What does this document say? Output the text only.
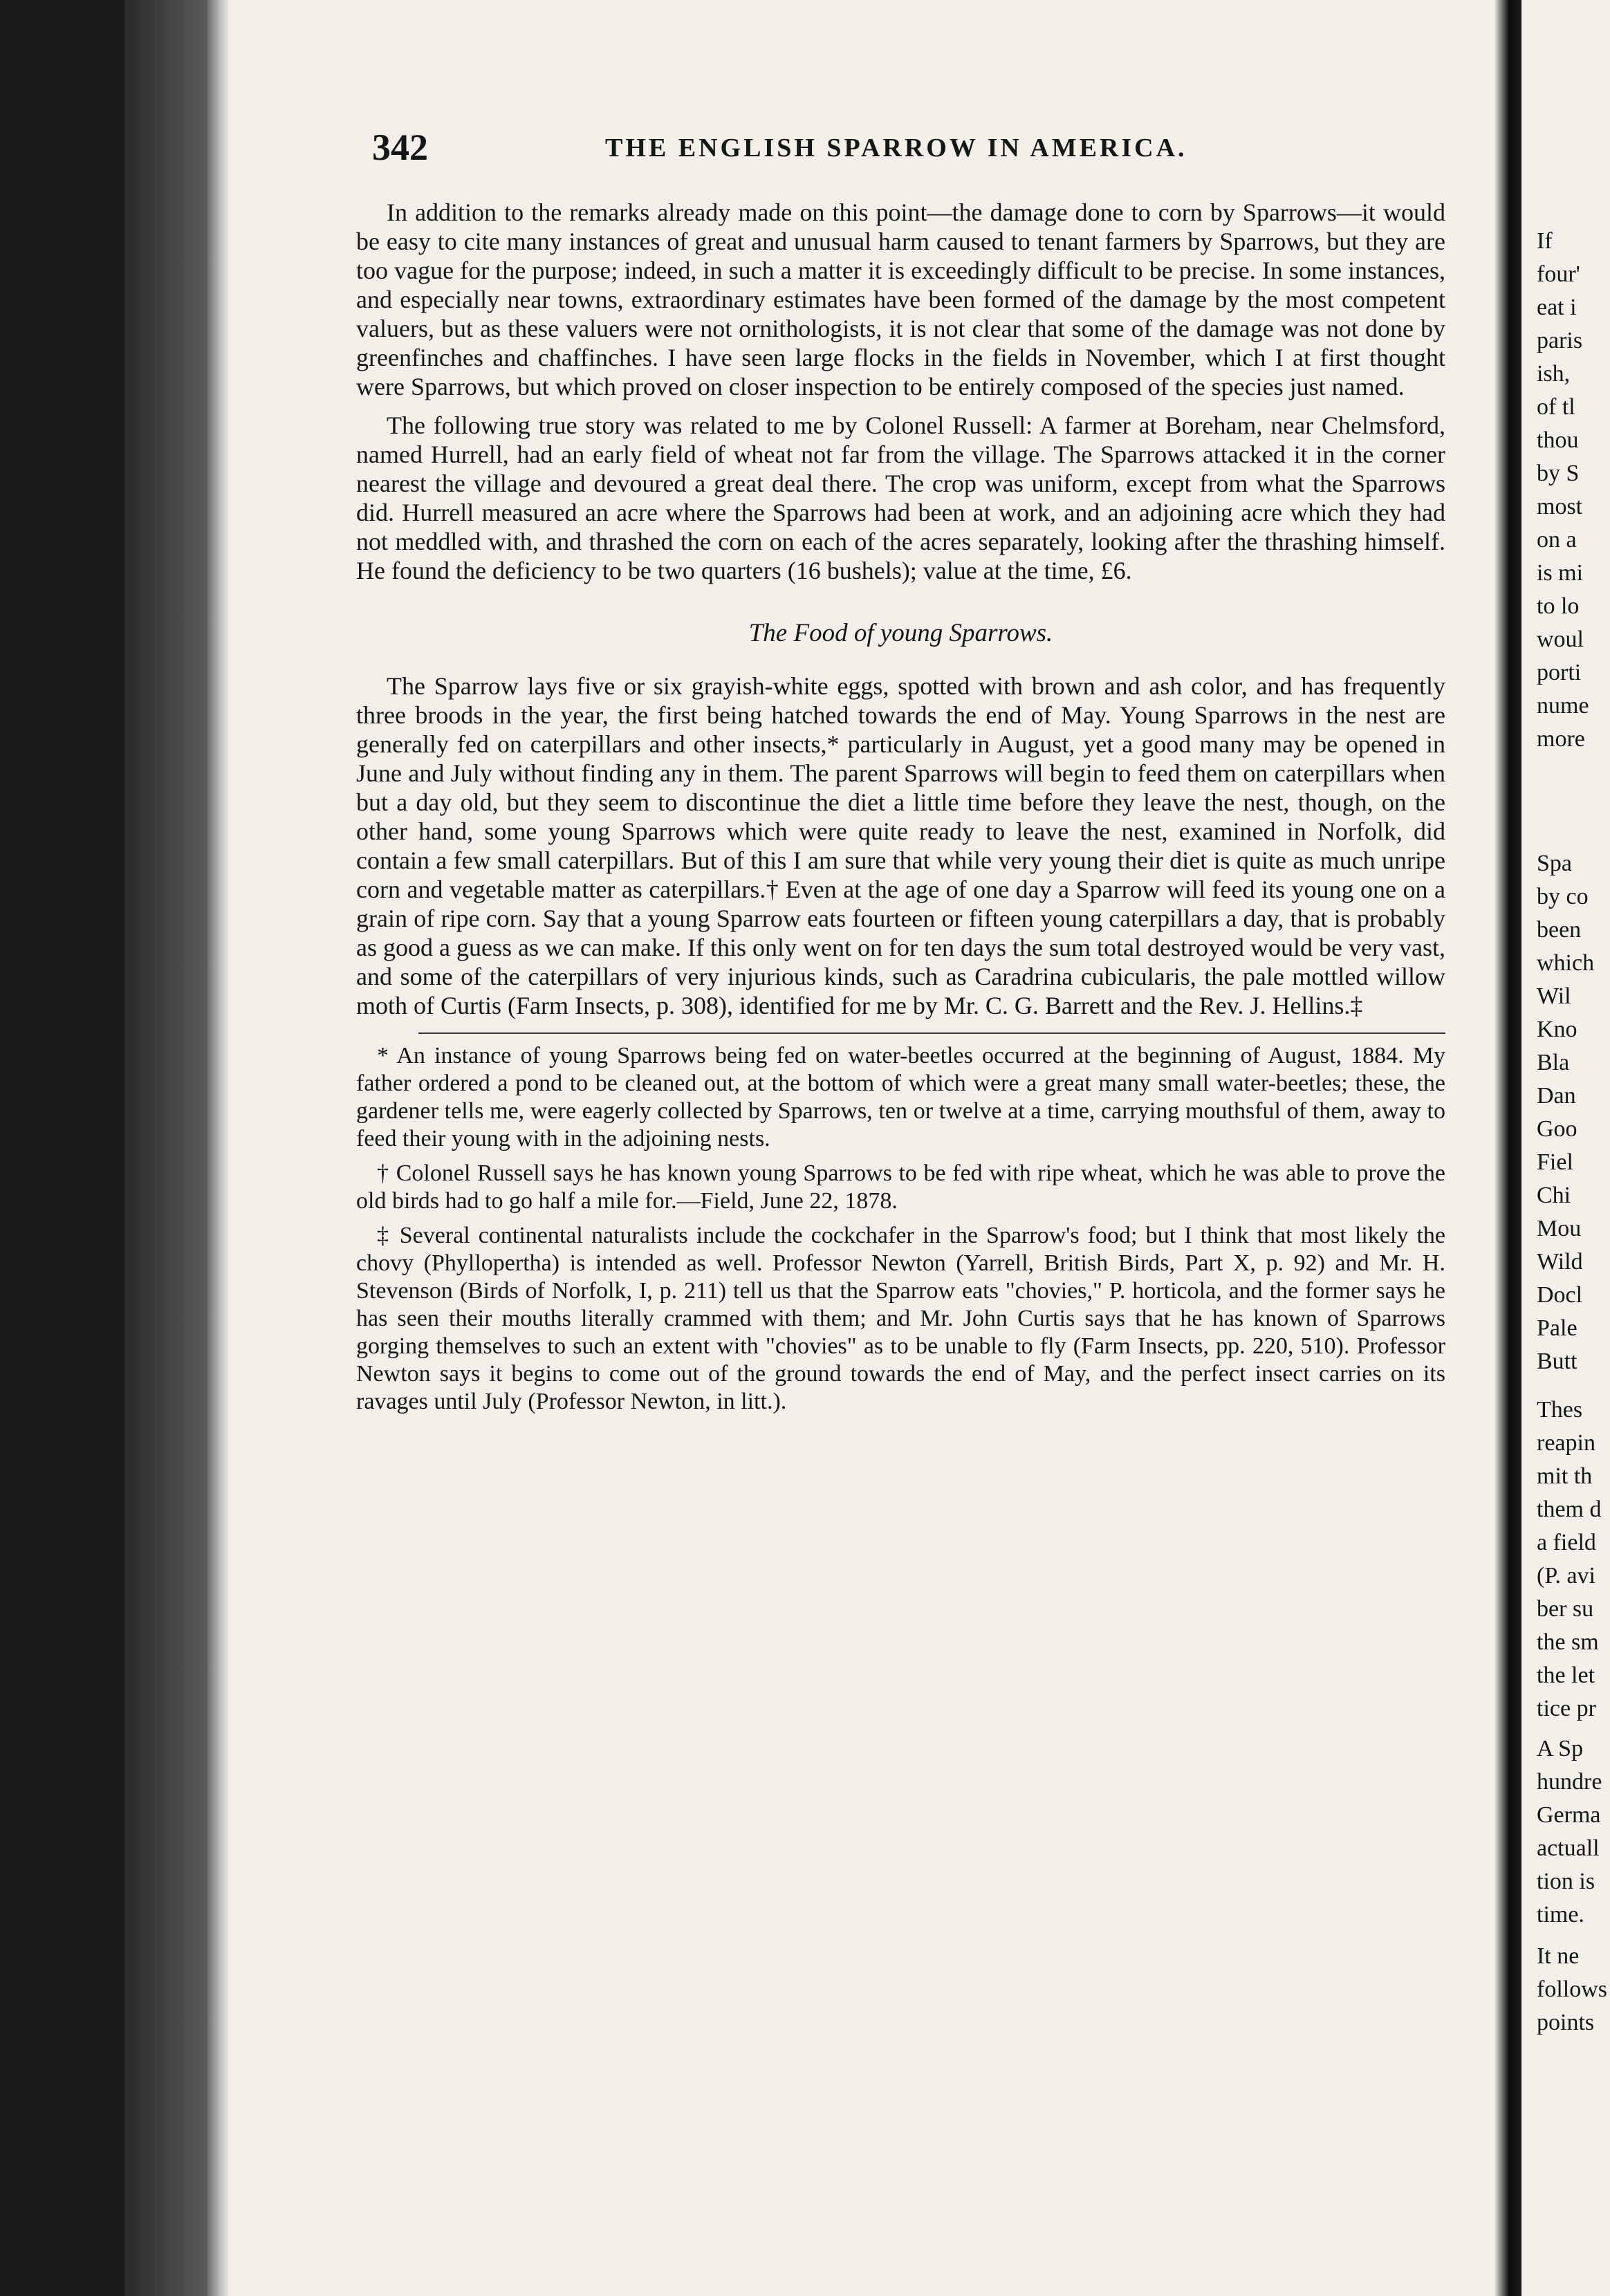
342	THE ENGLISH SPARROW IN AMERICA.

In addition to the remarks already made on this point—the damage done to corn by Sparrows—it would be easy to cite many instances of great and unusual harm caused to tenant farmers by Sparrows, but they are too vague for the purpose; indeed, in such a matter it is exceedingly difficult to be precise. In some instances, and especially near towns, extraordinary estimates have been formed of the damage by the most competent valuers, but as these valuers were not ornithologists, it is not clear that some of the damage was not done by greenfinches and chaffinches. I have seen large flocks in the fields in November, which I at first thought were Sparrows, but which proved on closer inspection to be entirely composed of the species just named.

The following true story was related to me by Colonel Russell: A farmer at Boreham, near Chelmsford, named Hurrell, had an early field of wheat not far from the village. The Sparrows attacked it in the corner nearest the village and devoured a great deal there. The crop was uniform, except from what the Sparrows did. Hurrell measured an acre where the Sparrows had been at work, and an adjoining acre which they had not meddled with, and thrashed the corn on each of the acres separately, looking after the thrashing himself. He found the deficiency to be two quarters (16 bushels); value at the time, £6.

The Food of young Sparrows.

The Sparrow lays five or six grayish-white eggs, spotted with brown and ash color, and has frequently three broods in the year, the first being hatched towards the end of May. Young Sparrows in the nest are generally fed on caterpillars and other insects,* particularly in August, yet a good many may be opened in June and July without finding any in them. The parent Sparrows will begin to feed them on caterpillars when but a day old, but they seem to discontinue the diet a little time before they leave the nest, though, on the other hand, some young Sparrows which were quite ready to leave the nest, examined in Norfolk, did contain a few small caterpillars. But of this I am sure that while very young their diet is quite as much unripe corn and vegetable matter as caterpillars.† Even at the age of one day a Sparrow will feed its young one on a grain of ripe corn. Say that a young Sparrow eats fourteen or fifteen young caterpillars a day, that is probably as good a guess as we can make. If this only went on for ten days the sum total destroyed would be very vast, and some of the caterpillars of very injurious kinds, such as Caradrina cubicularis, the pale mottled willow moth of Curtis (Farm Insects, p. 308), identified for me by Mr. C. G. Barrett and the Rev. J. Hellins.‡

* An instance of young Sparrows being fed on water-beetles occurred at the beginning of August, 1884. My father ordered a pond to be cleaned out, at the bottom of which were a great many small water-beetles; these, the gardener tells me, were eagerly collected by Sparrows, ten or twelve at a time, carrying mouthsful of them, away to feed their young with in the adjoining nests.

† Colonel Russell says he has known young Sparrows to be fed with ripe wheat, which he was able to prove the old birds had to go half a mile for.—Field, June 22, 1878.

‡ Several continental naturalists include the cockchafer in the Sparrow's food; but I think that most likely the chovy (Phyllopertha) is intended as well. Professor Newton (Yarrell, British Birds, Part X, p. 92) and Mr. H. Stevenson (Birds of Norfolk, I, p. 211) tell us that the Sparrow eats "chovies," P. horticola, and the former says he has seen their mouths literally crammed with them; and Mr. John Curtis says that he has known of Sparrows gorging themselves to such an extent with "chovies" as to be unable to fly (Farm Insects, pp. 220, 510). Professor Newton says it begins to come out of the ground towards the end of May, and the perfect insect carries on its ravages until July (Professor Newton, in litt.).

If
four'
eat i
paris
ish,
of tl
thou
by S
most
on a
is mi
to lo
woul
porti
nume
more
Spa
by co
been
which
Wil
Kno
Bla
Dan
Goo
Fiel
Chi
Mou
Wild
Docl
Pale
Butt
Thes
reapin
mit th
them d
a field
(P. avi
ber su
the sm
the let
tice pr
A Sp
hundre
Germa
actuall
tion is
time.
It ne
follows
points
